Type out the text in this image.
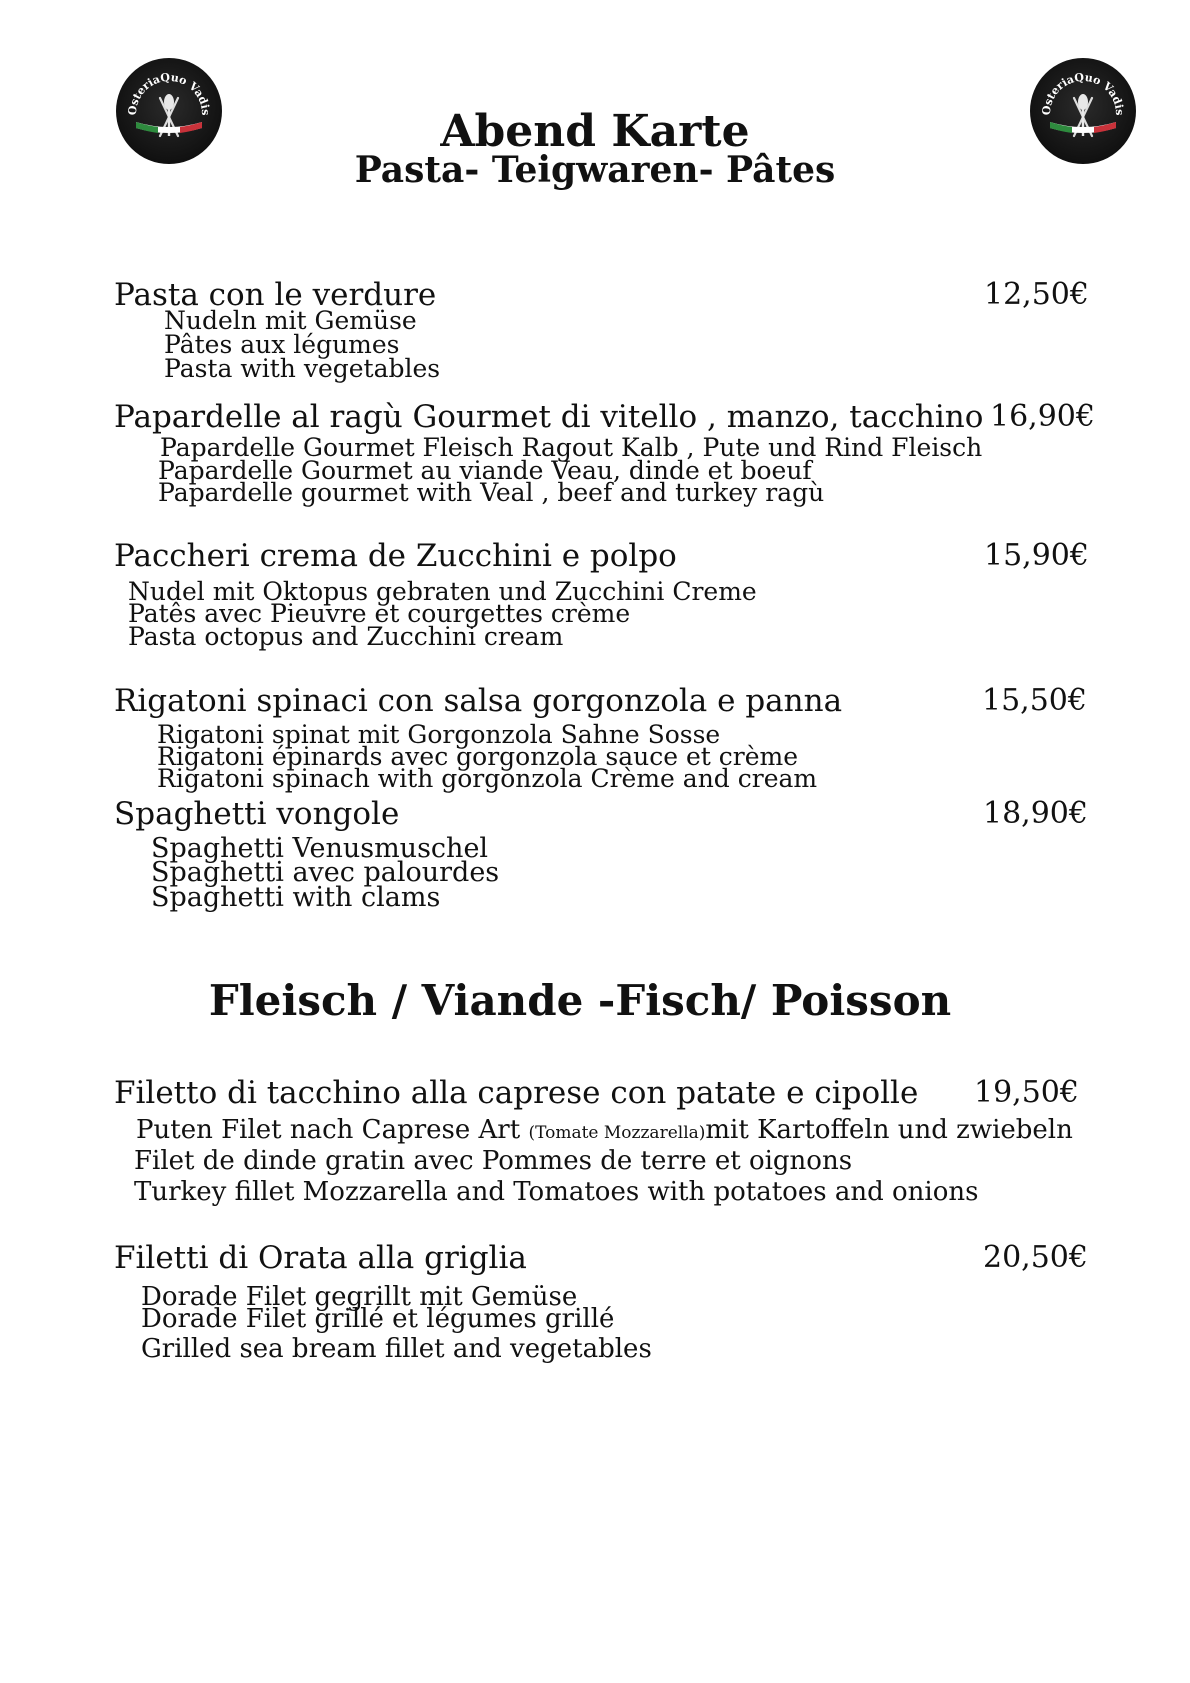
OsteriaQuo Vadis	OsteriaQuo Vadis
Abend Karte
Pasta- Teigwaren- Pâtes
Pasta con le verdure	12,50€
Nudeln mit Gemüse
Pâtes aux légumes
Pasta with vegetables
Papardelle al ragù Gourmet di vitello , manzo, tacchino 16,90€
Papardelle Gourmet Fleisch Ragout Kalb , Pute und Rind Fleisch
Papardelle Gourmet au viande Veau, dinde et boeuf
Papardelle gourmet with Veal , beef and turkey ragù
Paccheri crema de Zucchini e polpo	15,90€
Nudel mit Oktopus gebraten und Zucchini Creme
Patês avec Pieuvre et courgettes crème
Pasta octopus and Zucchini cream
Rigatoni spinaci con salsa gorgonzola e panna	15,50€
Rigatoni spinat mit Gorgonzola Sahne Sosse
Rigatoni épinards avec gorgonzola sauce et crème
Rigatoni spinach with gorgonzola Crème and cream
Spaghetti vongole	18,90€
Spaghetti Venusmuschel
Spaghetti avec palourdes
Spaghetti with clams
Fleisch / Viande -Fisch/ Poisson
Filetto di tacchino alla caprese con patate e cipolle 19,50€
Puten Filet nach Caprese Art (Tomate Mozzarella)mit Kartoffeln und zwiebeln
Filet de dinde gratin avec Pommes de terre et oignons
Turkey fillet Mozzarella and Tomatoes with potatoes and onions
Filetti di Orata alla griglia	20,50€
Dorade Filet gegrillt mit Gemüse
Dorade Filet grillé et légumes grillé
Grilled sea bream fillet and vegetables
